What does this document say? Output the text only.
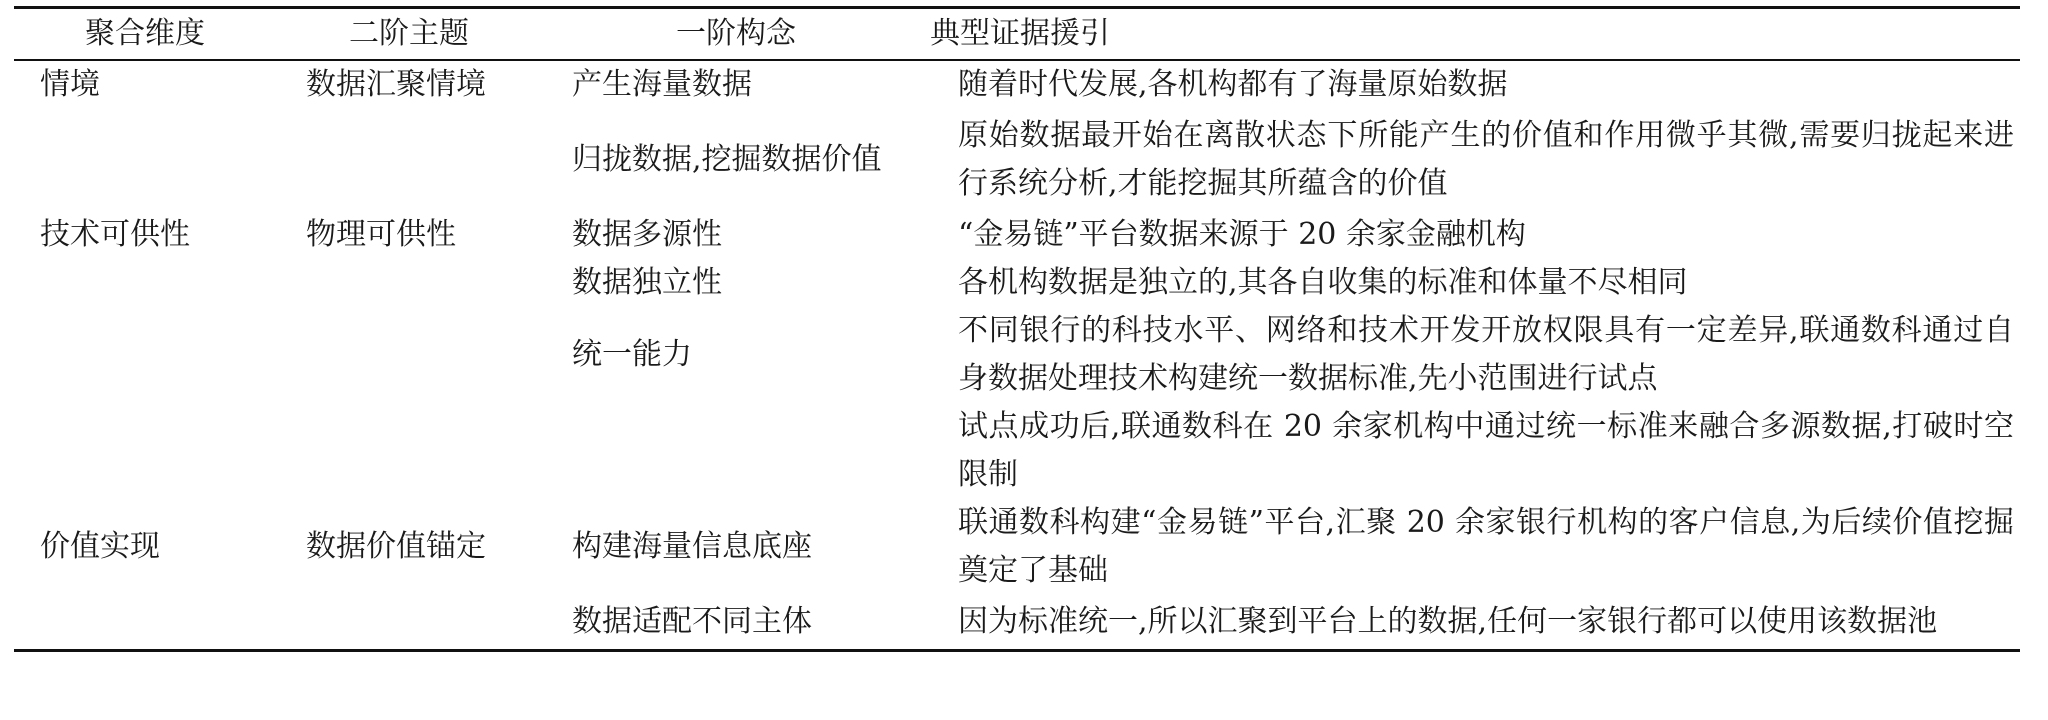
聚合维度	二阶主题	一阶构念	典型证据援引
情境	数据汇聚情境	产生海量数据	随着时代发展,各机构都有了海量原始数据
		归拢数据,挖掘数据价值	原始数据最开始在离散状态下所能产生的价值和作用微乎其微,需要归拢起来进行系统分析,才能挖掘其所蕴含的价值
技术可供性	物理可供性	数据多源性	“金易链”平台数据来源于 20 余家金融机构
		数据独立性	各机构数据是独立的,其各自收集的标准和体量不尽相同
		统一能力	不同银行的科技水平、网络和技术开发开放权限具有一定差异,联通数科通过自身数据处理技术构建统一数据标准,先小范围进行试点
			试点成功后,联通数科在 20 余家机构中通过统一标准来融合多源数据,打破时空限制
价值实现	数据价值锚定	构建海量信息底座	联通数科构建“金易链”平台,汇聚 20 余家银行机构的客户信息,为后续价值挖掘奠定了基础
		数据适配不同主体	因为标准统一,所以汇聚到平台上的数据,任何一家银行都可以使用该数据池
